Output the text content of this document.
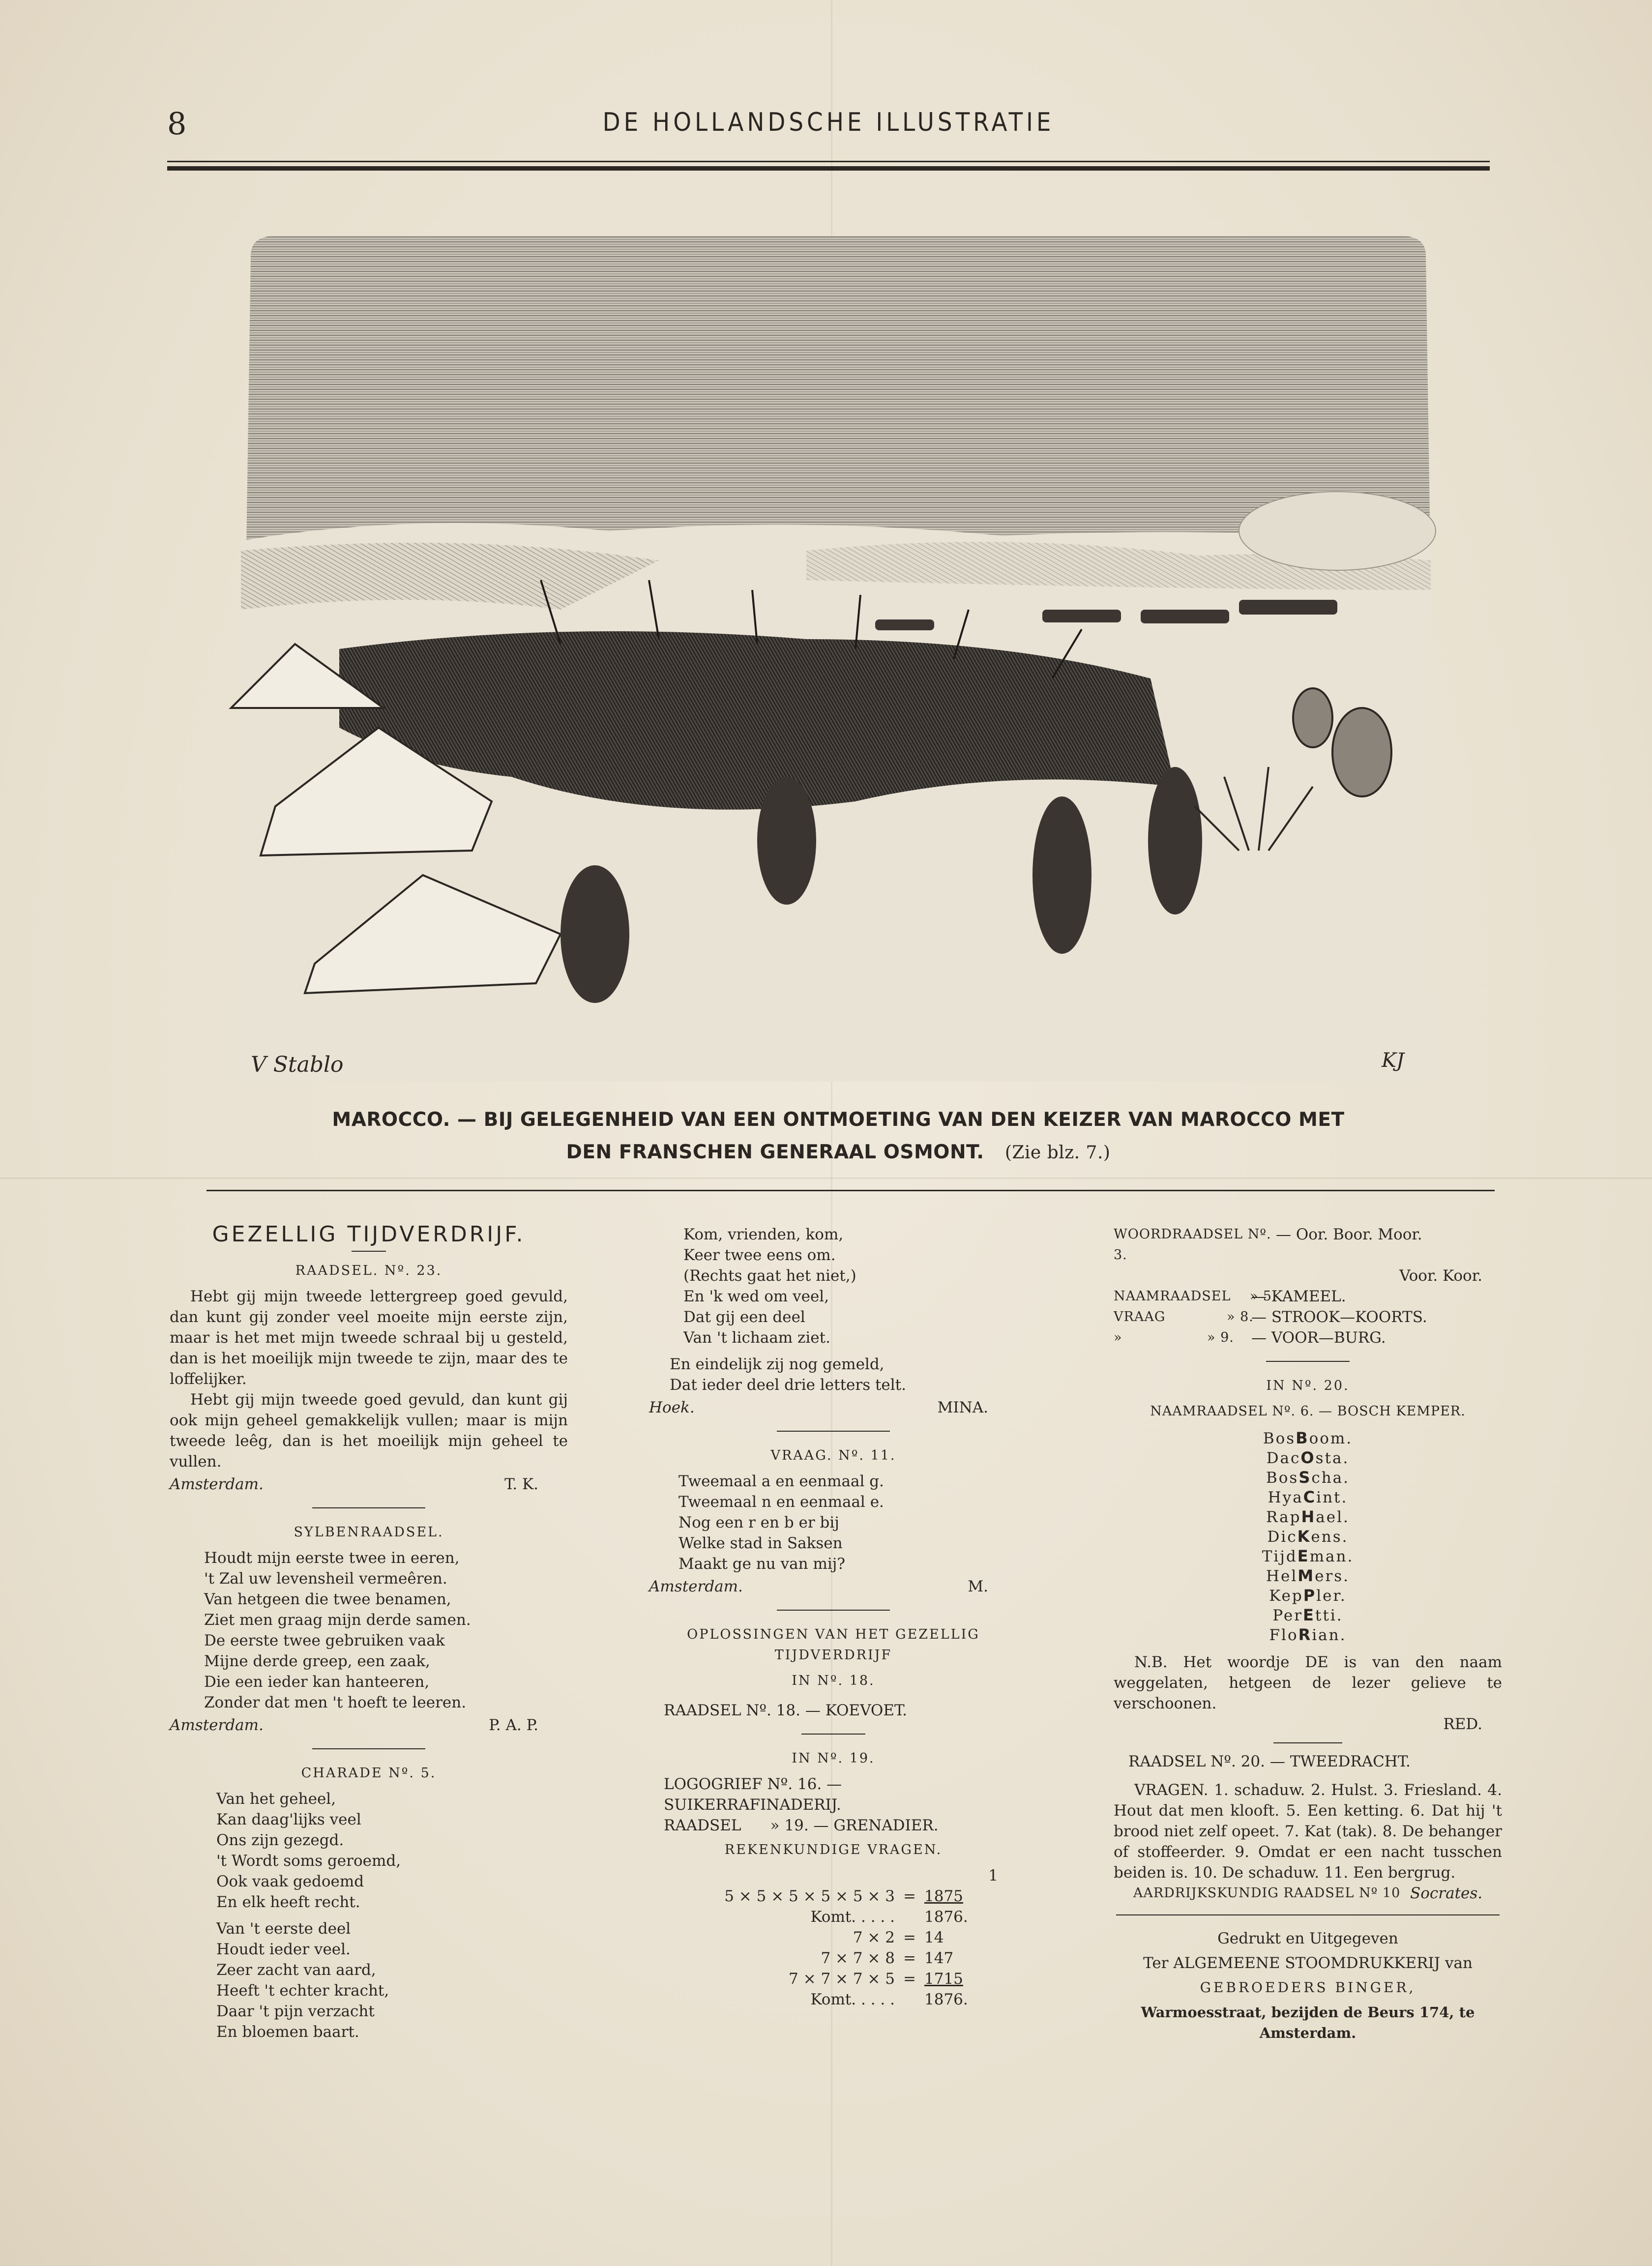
8	DE HOLLANDSCHE ILLUSTRATIE
V Stablo	KJ
MAROCCO. — BIJ GELEGENHEID VAN EEN ONTMOETING VAN DEN KEIZER VAN MAROCCO MET
DEN FRANSCHEN GENERAAL OSMONT. (Zie blz. 7.)
GEZELLIG TIJDVERDRIJF.
RAADSEL. Nº. 23.

Hebt gij mijn tweede lettergreep goed gevuld, dan kunt gij zonder veel moeite mijn eerste zijn, maar is het met mijn tweede schraal bij u gesteld, dan is het moeilijk mijn tweede te zijn, maar des te loffelijker.

Hebt gij mijn tweede goed gevuld, dan kunt gij ook mijn geheel gemakkelijk vullen; maar is mijn tweede leêg, dan is het moeilijk mijn geheel te vullen.

Amsterdam.	T. K.
SYLBENRAADSEL.
Houdt mijn eerste twee in eeren,
't Zal uw levensheil vermeêren.
Van hetgeen die twee benamen,
Ziet men graag mijn derde samen.
De eerste twee gebruiken vaak
Mijne derde greep, een zaak,
Die een ieder kan hanteeren,
Zonder dat men 't hoeft te leeren.
Amsterdam.	P. A. P.
CHARADE Nº. 5.
Van het geheel,
Kan daag'lijks veel
Ons zijn gezegd.
't Wordt soms geroemd,
Ook vaak gedoemd
En elk heeft recht.
Van 't eerste deel
Houdt ieder veel.
Zeer zacht van aard,
Heeft 't echter kracht,
Daar 't pijn verzacht
En bloemen baart.
Kom, vrienden, kom,
Keer twee eens om.
(Rechts gaat het niet,)
En 'k wed om veel,
Dat gij een deel
Van 't lichaam ziet.
En eindelijk zij nog gemeld,
Dat ieder deel drie letters telt.
Hoek.	MINA.
VRAAG. Nº. 11.
Tweemaal a en eenmaal g.
Tweemaal n en eenmaal e.
Nog een r en b er bij
Welke stad in Saksen
Maakt ge nu van mij?
Amsterdam.	M.
OPLOSSINGEN VAN HET GEZELLIG TIJDVERDRIJF
IN Nº. 18.
RAADSEL Nº. 18. — KOEVOET.
IN Nº. 19.
LOGOGRIEF Nº. 16. — SUIKERRAFINADERIJ.
RAADSEL      » 19. — GRENADIER.
REKENKUNDIGE VRAGEN.
1
5 × 5 × 5 × 5 × 5 × 3 = 1875
Komt. . . . . 1876.
7 × 2 = 14
7 × 7 × 8 = 147
7 × 7 × 7 × 5 = 1715
Komt. . . . . 1876.
WOORDRAADSEL Nº. 3.
— Oor. Boor. Moor.
Voor. Koor.
NAAMRAADSEL    » 5.
— KAMEEL.
VRAAG             » 8.
— STROOK—KOORTS.
»                  » 9.	— VOOR—BURG.
IN Nº. 20.
NAAMRAADSEL Nº. 6. — BOSCH KEMPER.
BosBoom.
DacOsta.
BosScha.
HyaCint.
RapHael.
DicKens.
TijdEman.
HelMers.
KepPler.
PerEtti.
FloRian.

N.B. Het woordje DE is van den naam weggelaten, hetgeen de lezer gelieve te verschoonen.

RED.
RAADSEL Nº. 20. — TWEEDRACHT.

VRAGEN. 1. schaduw. 2. Hulst. 3. Friesland. 4. Hout dat men klooft. 5. Een ketting. 6. Dat hij 't brood niet zelf opeet. 7. Kat (tak). 8. De behanger of stoffeerder. 9. Omdat er een nacht tusschen beiden is. 10. De schaduw. 11. Een bergrug.

AARDRIJKSKUNDIG RAADSEL Nº 10
Socrates.
Gedrukt en Uitgegeven
Ter ALGEMEENE STOOMDRUKKERIJ van
GEBROEDERS BINGER,
Warmoesstraat, bezijden de Beurs 174, te Amsterdam.
